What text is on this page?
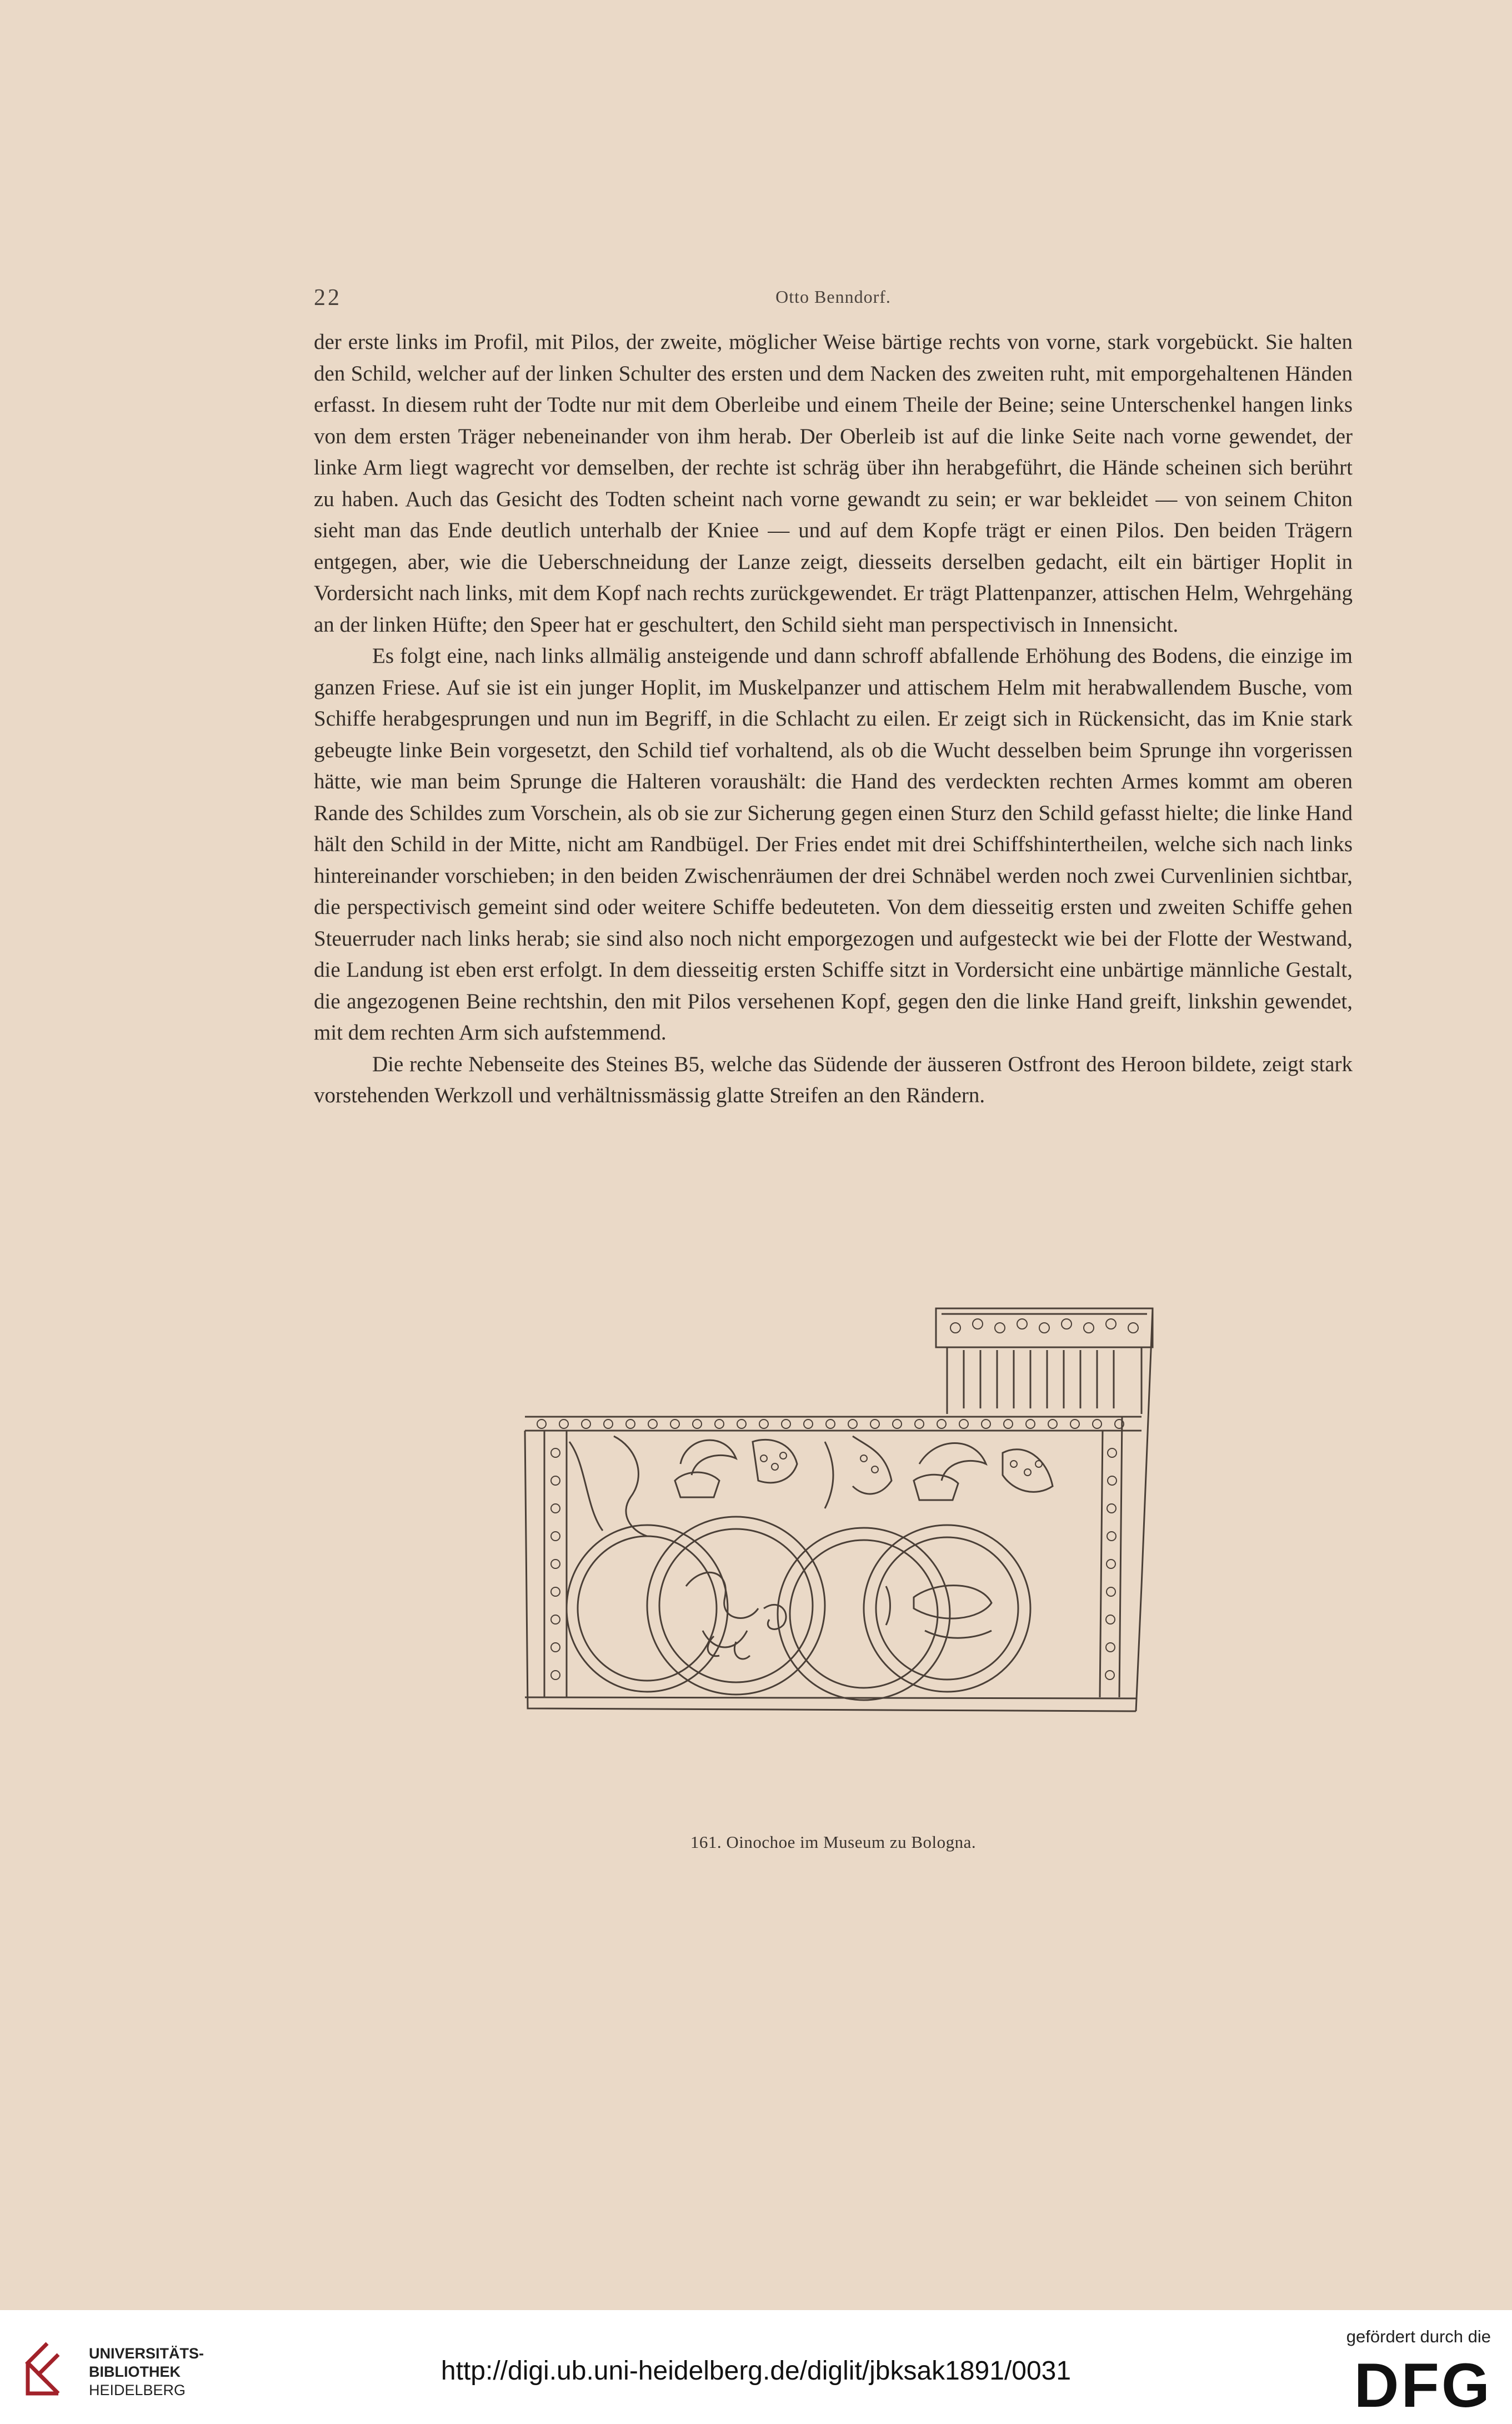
22	Otto Benndorf.

der erste links im Profil, mit Pilos, der zweite, möglicher Weise bärtige rechts von vorne, stark vorgebückt. Sie halten den Schild, welcher auf der linken Schulter des ersten und dem Nacken des zweiten ruht, mit emporgehaltenen Händen erfasst. In diesem ruht der Todte nur mit dem Oberleibe und einem Theile der Beine; seine Unterschenkel hangen links von dem ersten Träger nebeneinander von ihm herab. Der Oberleib ist auf die linke Seite nach vorne gewendet, der linke Arm liegt wagrecht vor demselben, der rechte ist schräg über ihn herabgeführt, die Hände scheinen sich berührt zu haben. Auch das Gesicht des Todten scheint nach vorne gewandt zu sein; er war bekleidet — von seinem Chiton sieht man das Ende deutlich unterhalb der Kniee — und auf dem Kopfe trägt er einen Pilos. Den beiden Trägern entgegen, aber, wie die Ueberschneidung der Lanze zeigt, diesseits derselben gedacht, eilt ein bärtiger Hoplit in Vordersicht nach links, mit dem Kopf nach rechts zurückgewendet. Er trägt Plattenpanzer, attischen Helm, Wehrgehäng an der linken Hüfte; den Speer hat er geschultert, den Schild sieht man perspectivisch in Innensicht.

Es folgt eine, nach links allmälig ansteigende und dann schroff abfallende Erhöhung des Bodens, die einzige im ganzen Friese. Auf sie ist ein junger Hoplit, im Muskelpanzer und attischem Helm mit herabwallendem Busche, vom Schiffe herabgesprungen und nun im Begriff, in die Schlacht zu eilen. Er zeigt sich in Rückensicht, das im Knie stark gebeugte linke Bein vorgesetzt, den Schild tief vorhaltend, als ob die Wucht desselben beim Sprunge ihn vorgerissen hätte, wie man beim Sprunge die Halteren voraushält: die Hand des verdeckten rechten Armes kommt am oberen Rande des Schildes zum Vorschein, als ob sie zur Sicherung gegen einen Sturz den Schild gefasst hielte; die linke Hand hält den Schild in der Mitte, nicht am Randbügel. Der Fries endet mit drei Schiffshintertheilen, welche sich nach links hintereinander vorschieben; in den beiden Zwischenräumen der drei Schnäbel werden noch zwei Curvenlinien sichtbar, die perspectivisch gemeint sind oder weitere Schiffe bedeuteten. Von dem diesseitig ersten und zweiten Schiffe gehen Steuerruder nach links herab; sie sind also noch nicht emporgezogen und aufgesteckt wie bei der Flotte der Westwand, die Landung ist eben erst erfolgt. In dem diesseitig ersten Schiffe sitzt in Vordersicht eine unbärtige männliche Gestalt, die angezogenen Beine rechtshin, den mit Pilos versehenen Kopf, gegen den die linke Hand greift, linkshin gewendet, mit dem rechten Arm sich aufstemmend.

Die rechte Nebenseite des Steines B5, welche das Südende der äusseren Ostfront des Heroon bildete, zeigt stark vorstehenden Werkzoll und verhältnissmässig glatte Streifen an den Rändern.

161. Oinochoe im Museum zu Bologna.
UNIVERSITÄTS-
BIBLIOTHEK
HEIDELBERG
http://digi.ub.uni-heidelberg.de/diglit/jbksak1891/0031
gefördert durch die
DFG
